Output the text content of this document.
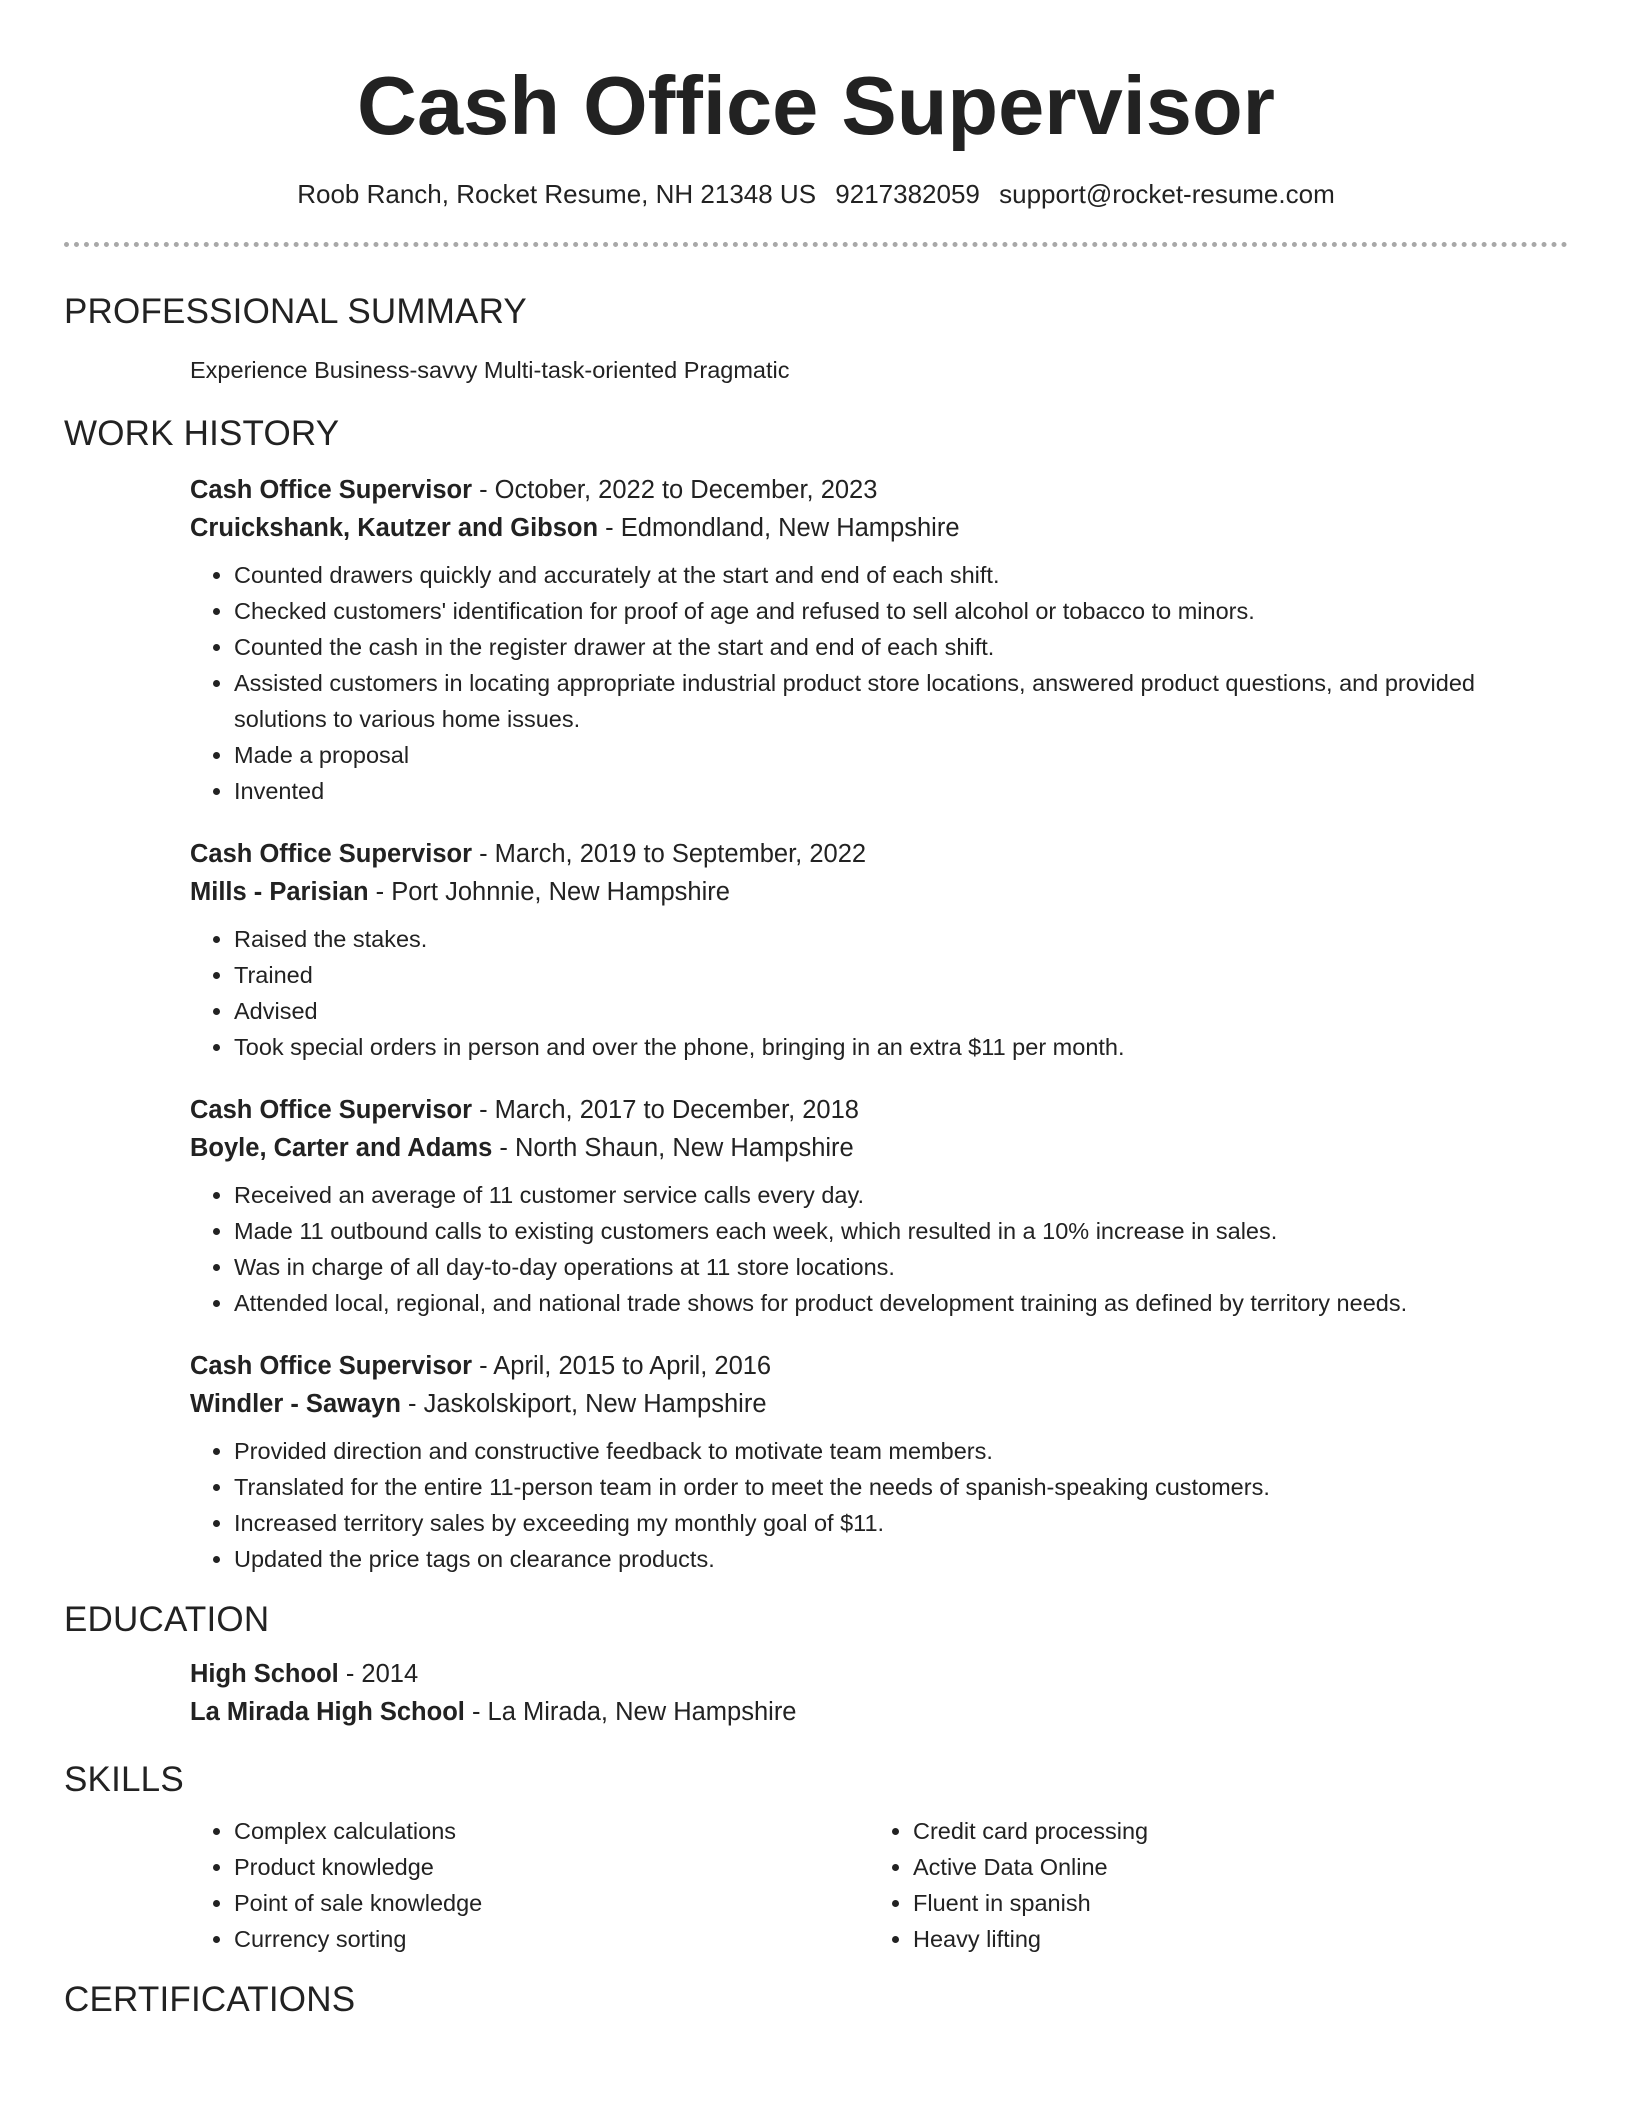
Cash Office Supervisor
Roob Ranch, Rocket Resume, NH 21348 US 9217382059 support@rocket-resume.com
PROFESSIONAL SUMMARY
Experience Business-savvy Multi-task-oriented Pragmatic
WORK HISTORY
Cash Office Supervisor - October, 2022 to December, 2023
Cruickshank, Kautzer and Gibson - Edmondland, New Hampshire
• Counted drawers quickly and accurately at the start and end of each shift.
• Checked customers' identification for proof of age and refused to sell alcohol or tobacco to minors.
• Counted the cash in the register drawer at the start and end of each shift.
• Assisted customers in locating appropriate industrial product store locations, answered product questions, and provided solutions to various home issues.
• Made a proposal
• Invented
Cash Office Supervisor - March, 2019 to September, 2022
Mills - Parisian - Port Johnnie, New Hampshire
• Raised the stakes.
• Trained
• Advised
• Took special orders in person and over the phone, bringing in an extra $11 per month.
Cash Office Supervisor - March, 2017 to December, 2018
Boyle, Carter and Adams - North Shaun, New Hampshire
• Received an average of 11 customer service calls every day.
• Made 11 outbound calls to existing customers each week, which resulted in a 10% increase in sales.
• Was in charge of all day-to-day operations at 11 store locations.
• Attended local, regional, and national trade shows for product development training as defined by territory needs.
Cash Office Supervisor - April, 2015 to April, 2016
Windler - Sawayn - Jaskolskiport, New Hampshire
• Provided direction and constructive feedback to motivate team members.
• Translated for the entire 11-person team in order to meet the needs of spanish-speaking customers.
• Increased territory sales by exceeding my monthly goal of $11.
• Updated the price tags on clearance products.
EDUCATION
High School - 2014
La Mirada High School - La Mirada, New Hampshire
SKILLS
• Complex calculations
• Product knowledge
• Point of sale knowledge
• Currency sorting
• Credit card processing
• Active Data Online
• Fluent in spanish
• Heavy lifting
CERTIFICATIONS
